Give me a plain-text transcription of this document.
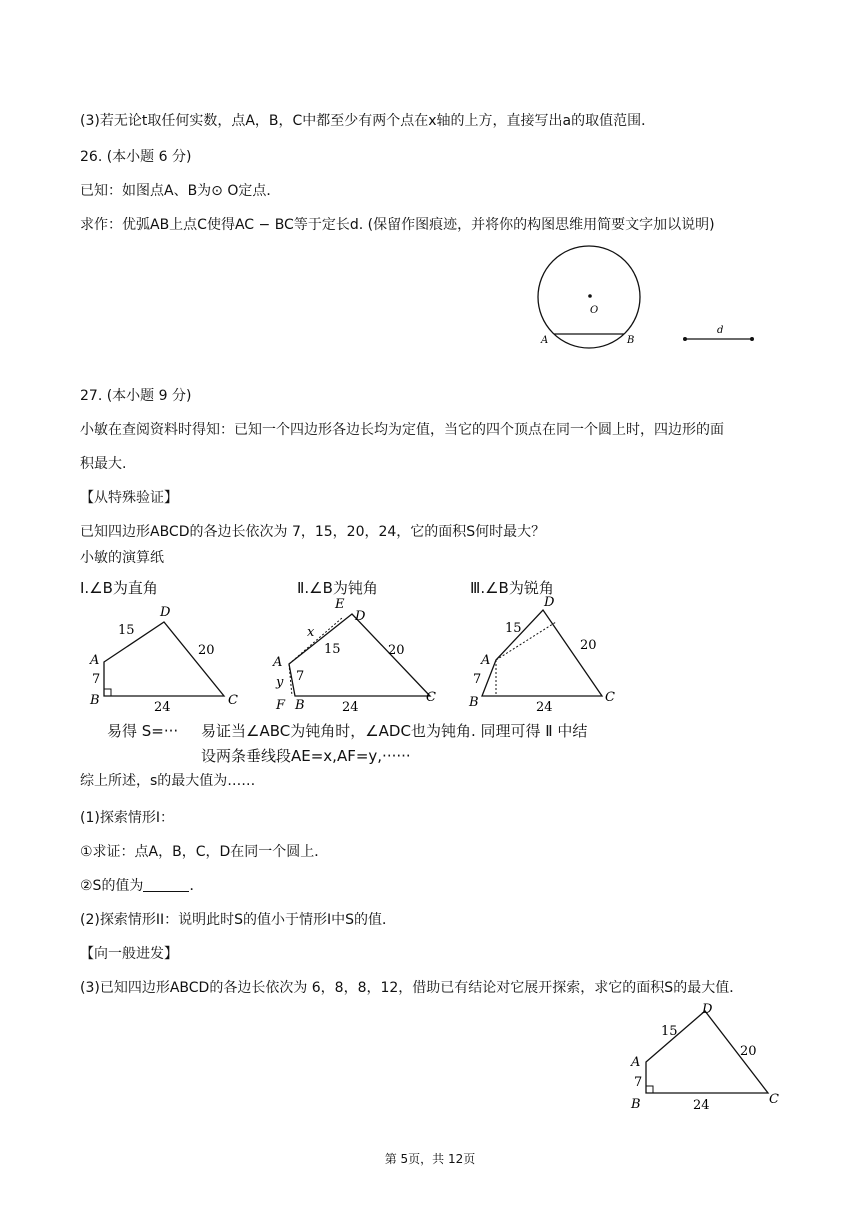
(3)若无论t取任何实数，点A，B，C中都至少有两个点在x轴的上方，直接写出a的取值范围．
26. (本小题 6 分)
已知：如图点A、B为⊙ O定点．
求作：优弧AB上点C使得AC − BC等于定长d. (保留作图痕迹，并将你的构图思维用简要文字加以说明)
O
A	B
d
27. (本小题 9 分)
小敏在查阅资料时得知：已知一个四边形各边长均为定值，当它的四个顶点在同一个圆上时，四边形的面
积最大.
【从特殊验证】
已知四边形ABCD的各边长依次为 7，15，20，24，它的面积S何时最大？
小敏的演算纸
A
B	C
D
7
15
20
24
A
B
C
D
E
F
x
y 7
15	20
24
A
B	C
D
7
15
20
24
Ⅰ.∠B为直角	Ⅱ.∠B为钝角	Ⅲ.∠B为锐角
易得 S=··· 易证当∠ABC为钝角时，∠ADC也为钝角. 同理可得 Ⅱ 中结
设两条垂线段AE=x,AF=y,······
综上所述，s的最大值为……
(1)探索情形I：
①求证：点A，B，C，D在同一个圆上．
②S的值为	．
(2)探索情形II：说明此时S的值小于情形I中S的值．
【向一般进发】
(3)已知四边形ABCD的各边长依次为 6，8，8，12，借助已有结论对它展开探索，求它的面积S的最大值．
A
B	C
D
7
15
20
24
第 5页，共 12页
